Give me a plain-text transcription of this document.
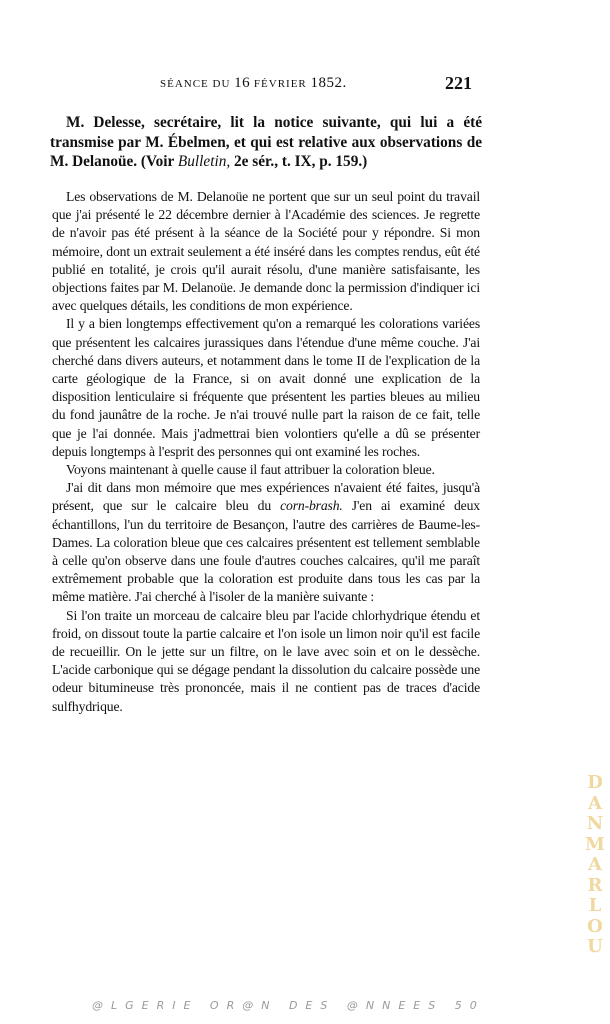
SÉANCE DU 16 FÉVRIER 1852.	221

M. Delesse, secrétaire, lit la notice suivante, qui lui a été transmise par M. Ébelmen, et qui est relative aux observations de M. Delanoüe. (Voir Bulletin, 2e sér., t. IX, p. 159.)

Les observations de M. Delanoüe ne portent que sur un seul point du travail que j'ai présenté le 22 décembre dernier à l'Académie des sciences. Je regrette de n'avoir pas été présent à la séance de la Société pour y répondre. Si mon mémoire, dont un extrait seulement a été inséré dans les comptes rendus, eût été publié en totalité, je crois qu'il aurait résolu, d'une manière satisfaisante, les objections faites par M. Delanoüe. Je demande donc la permission d'indiquer ici avec quelques détails, les conditions de mon expérience.

Il y a bien longtemps effectivement qu'on a remarqué les colorations variées que présentent les calcaires jurassiques dans l'étendue d'une même couche. J'ai cherché dans divers auteurs, et notamment dans le tome II de l'explication de la carte géologique de la France, si on avait donné une explication de la disposition lenticulaire si fréquente que présentent les parties bleues au milieu du fond jaunâtre de la roche. Je n'ai trouvé nulle part la raison de ce fait, telle que je l'ai donnée. Mais j'admettrai bien volontiers qu'elle a dû se présenter depuis longtemps à l'esprit des personnes qui ont examiné les roches.

Voyons maintenant à quelle cause il faut attribuer la coloration bleue.

J'ai dit dans mon mémoire que mes expériences n'avaient été faites, jusqu'à présent, que sur le calcaire bleu du corn-brash. J'en ai examiné deux échantillons, l'un du territoire de Besançon, l'autre des carrières de Baume-les-Dames. La coloration bleue que ces calcaires présentent est tellement semblable à celle qu'on observe dans une foule d'autres couches calcaires, qu'il me paraît extrêmement probable que la coloration est produite dans tous les cas par la même matière. J'ai cherché à l'isoler de la manière suivante :

Si l'on traite un morceau de calcaire bleu par l'acide chlorhydrique étendu et froid, on dissout toute la partie calcaire et l'on isole un limon noir qu'il est facile de recueillir. On le jette sur un filtre, on le lave avec soin et on le dessèche. L'acide carbonique qui se dégage pendant la dissolution du calcaire possède une odeur bitumineuse très prononcée, mais il ne contient pas de traces d'acide sulfhydrique.

D
A
N
M
A
R
L
O
U
@LGERIE OR@N DES @NNEES 50
